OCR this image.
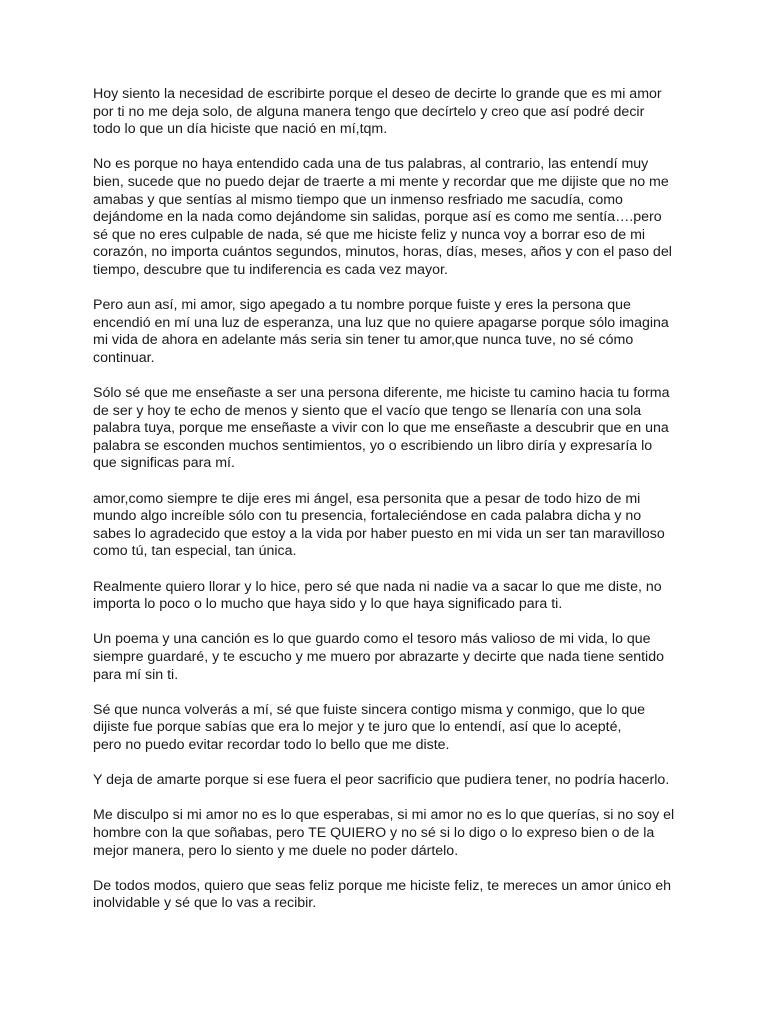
Hoy siento la necesidad de escribirte porque el deseo de decirte lo grande que es mi amor
por ti no me deja solo, de alguna manera tengo que decírtelo y creo que así podré decir
todo lo que un día hiciste que nació en mí,tqm.

No es porque no haya entendido cada una de tus palabras, al contrario, las entendí muy
bien, sucede que no puedo dejar de traerte a mi mente y recordar que me dijiste que no me
amabas y que sentías al mismo tiempo que un inmenso resfriado me sacudía, como
dejándome en la nada como dejándome sin salidas, porque así es como me sentía….pero
sé que no eres culpable de nada, sé que me hiciste feliz y nunca voy a borrar eso de mi
corazón, no importa cuántos segundos, minutos, horas, días, meses, años y con el paso del
tiempo, descubre que tu indiferencia es cada vez mayor.

Pero aun así, mi amor, sigo apegado a tu nombre porque fuiste y eres la persona que
encendió en mí una luz de esperanza, una luz que no quiere apagarse porque sólo imagina
mi vida de ahora en adelante más seria sin tener tu amor,que nunca tuve, no sé cómo
continuar.

Sólo sé que me enseñaste a ser una persona diferente, me hiciste tu camino hacia tu forma
de ser y hoy te echo de menos y siento que el vacío que tengo se llenaría con una sola
palabra tuya, porque me enseñaste a vivir con lo que me enseñaste a descubrir que en una
palabra se esconden muchos sentimientos, yo o escribiendo un libro diría y expresaría lo
que significas para mí.

amor,como siempre te dije eres mi ángel, esa personita que a pesar de todo hizo de mi
mundo algo increíble sólo con tu presencia, fortaleciéndose en cada palabra dicha y no
sabes lo agradecido que estoy a la vida por haber puesto en mi vida un ser tan maravilloso
como tú, tan especial, tan única.

Realmente quiero llorar y lo hice, pero sé que nada ni nadie va a sacar lo que me diste, no
importa lo poco o lo mucho que haya sido y lo que haya significado para ti.

Un poema y una canción es lo que guardo como el tesoro más valioso de mi vida, lo que
siempre guardaré, y te escucho y me muero por abrazarte y decirte que nada tiene sentido
para mí sin ti.

Sé que nunca volverás a mí, sé que fuiste sincera contigo misma y conmigo, que lo que
dijiste fue porque sabías que era lo mejor y te juro que lo entendí, así que lo acepté,
pero no puedo evitar recordar todo lo bello que me diste.

Y deja de amarte porque si ese fuera el peor sacrificio que pudiera tener, no podría hacerlo.

Me disculpo si mi amor no es lo que esperabas, si mi amor no es lo que querías, si no soy el
hombre con la que soñabas, pero TE QUIERO y no sé si lo digo o lo expreso bien o de la
mejor manera, pero lo siento y me duele no poder dártelo.

De todos modos, quiero que seas feliz porque me hiciste feliz, te mereces un amor único eh
inolvidable y sé que lo vas a recibir.
